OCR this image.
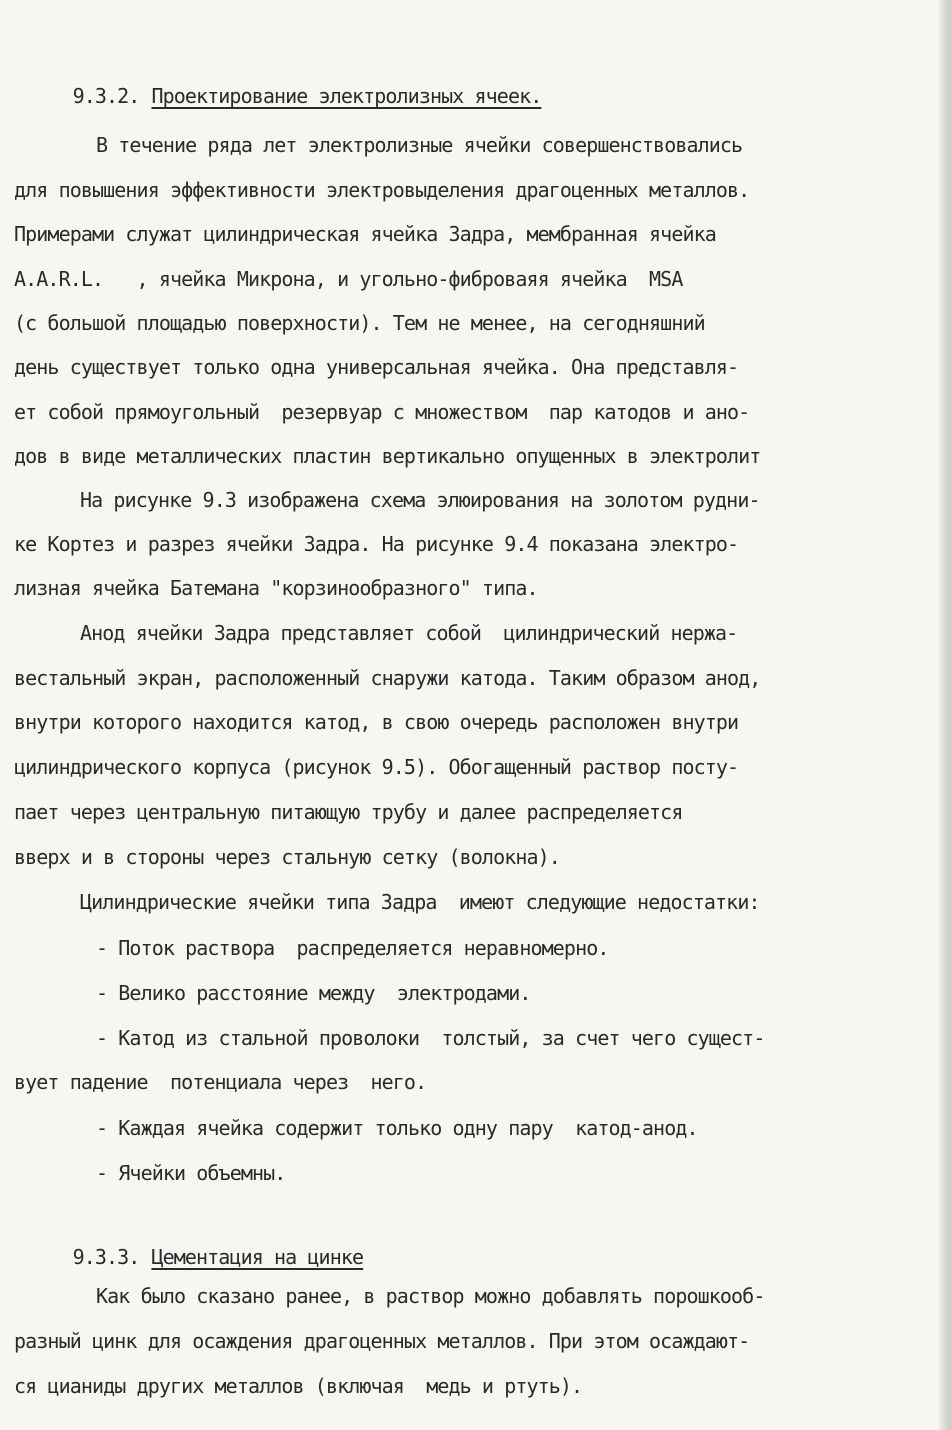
9.3.2. Проектирование электролизных ячеек.

В течение ряда лет электролизные ячейки совершенствовались
для повышения эффективности электровыделения драгоценных металлов.
Примерами служат цилиндрическая ячейка Задра, мембранная ячейка
A.A.R.L.   , ячейка Микрона, и угольно-фиброваяя ячейка  MSA
(с большой площадью поверхности). Тем не менее, на сегодняшний
день существует только одна универсальная ячейка. Она представля-
ет собой прямоугольный  резервуар с множеством  пар катодов и ано-
дов в виде металлических пластин вертикально опущенных в электролит
На рисунке 9.3 изображена схема элюирования на золотом рудни-
ке Кортез и разрез ячейки Задра. На рисунке 9.4 показана электро-
лизная ячейка Батемана "корзинообразного" типа.
Анод ячейки Задра представляет собой  цилиндрический нержа-
вестальный экран, расположенный снаружи катода. Таким образом анод,
внутри которого находится катод, в свою очередь расположен внутри
цилиндрического корпуса (рисунок 9.5). Обогащенный раствор посту-
пает через центральную питающую трубу и далее распределяется
вверх и в стороны через стальную сетку (волокна).
Цилиндрические ячейки типа Задра  имеют следующие недостатки:
- Поток раствора  распределяется неравномерно.
- Велико расстояние между  электродами.
- Катод из стальной проволоки  толстый, за счет чего сущест-
вует падение  потенциала через  него.
- Каждая ячейка содержит только одну пару  катод-анод.
- Ячейки объемны.

9.3.3. Цементация на цинке

Как было сказано ранее, в раствор можно добавлять порошкооб-
разный цинк для осаждения драгоценных металлов. При этом осаждают-
ся цианиды других металлов (включая  медь и ртуть).
